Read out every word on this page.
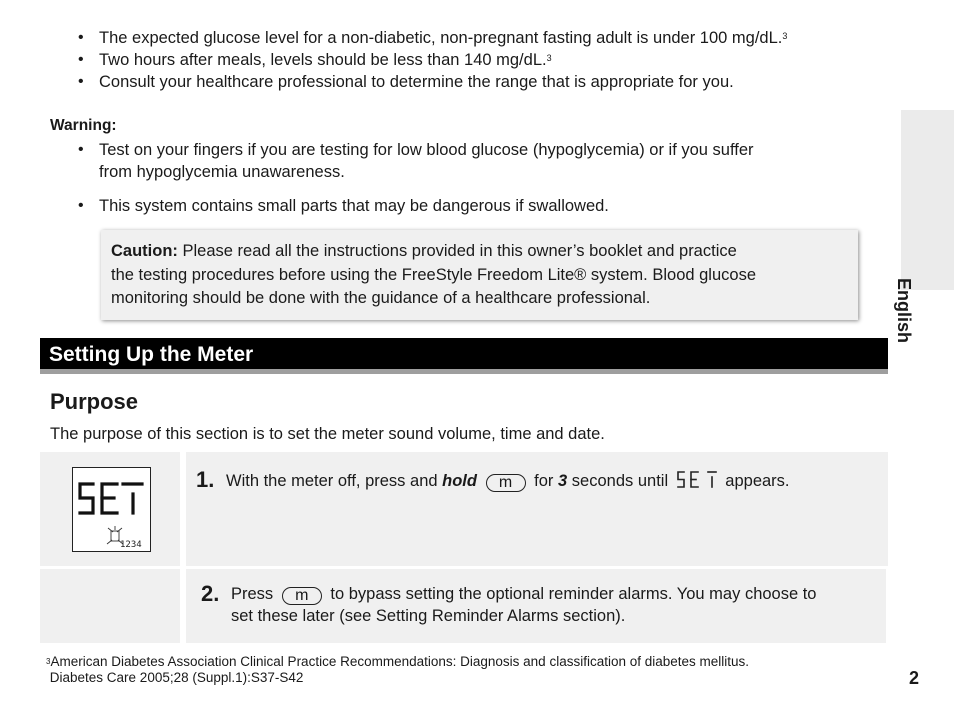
• The expected glucose level for a non-diabetic, non-pregnant fasting adult is under 100 mg/dL.$^3$
• Two hours after meals, levels should be less than 140 mg/dL.$^3$
• Consult your healthcare professional to determine the range that is appropriate for you.
Warning:
• Test on your fingers if you are testing for low blood glucose (hypoglycemia) or if you suffer
from hypoglycemia unawareness.
• This system contains small parts that may be dangerous if swallowed.
Caution: Please read all the instructions provided in this owner’s booklet and practice
the testing procedures before using the FreeStyle Freedom Lite® system. Blood glucose
monitoring should be done with the guidance of a healthcare professional.	English
Setting Up the Meter
Purpose
The purpose of this section is to set the meter sound volume, time and date.
1234
1. With the meter off, press and hold m for 3 seconds until	appears.
2. Press m to bypass setting the optional reminder alarms. You may choose to
set these later (see Setting Reminder Alarms section).
$^3$American Diabetes Association Clinical Practice Recommendations: Diagnosis and classification of diabetes mellitus.
Diabetes Care 2005;28 (Suppl.1):S37-S42	2
